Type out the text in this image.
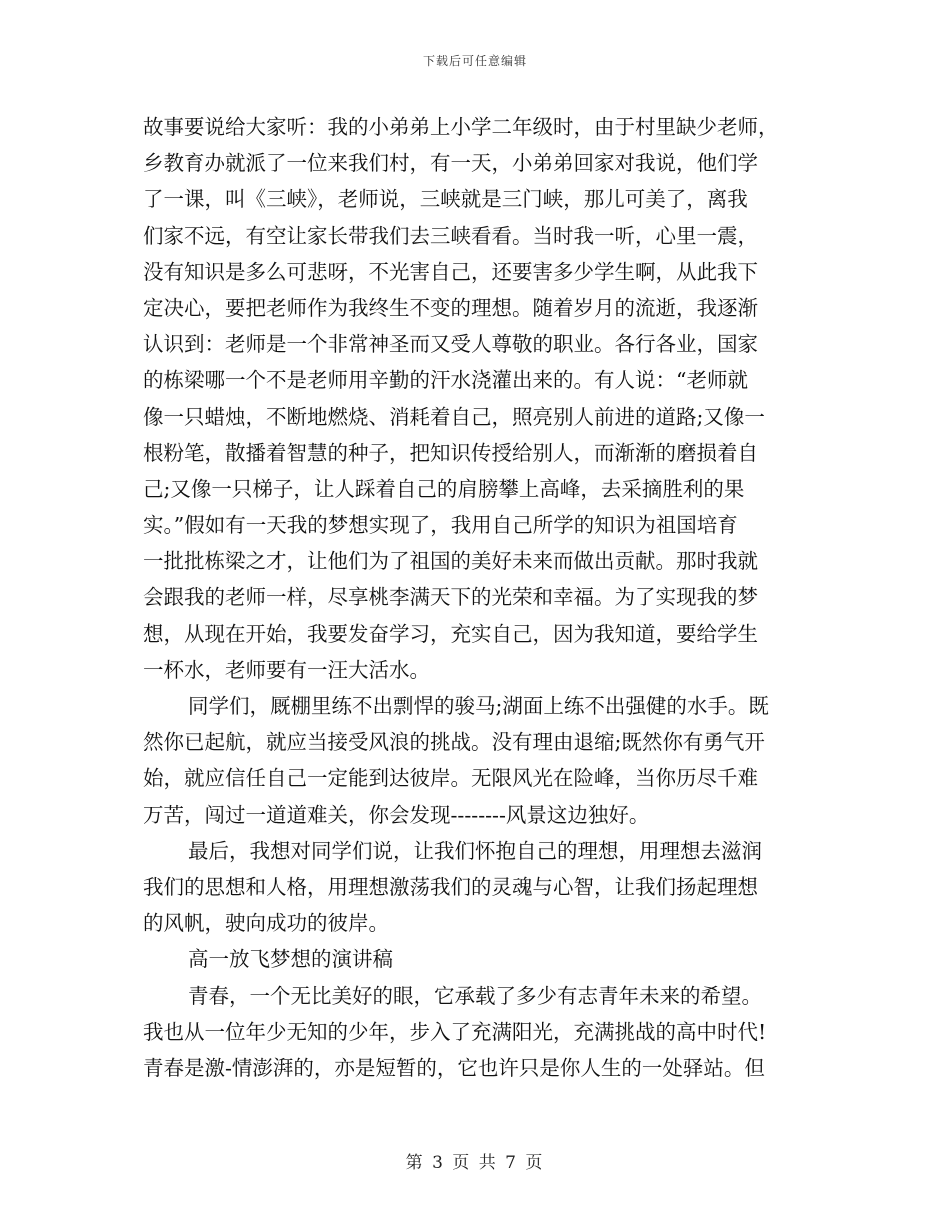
下载后可任意编辑
故事要说给大家听：我的小弟弟上小学二年级时，由于村里缺少老师，
乡教育办就派了一位来我们村，有一天，小弟弟回家对我说，他们学
了一课，叫《三峡》，老师说，三峡就是三门峡，那儿可美了，离我
们家不远，有空让家长带我们去三峡看看。当时我一听，心里一震，
没有知识是多么可悲呀，不光害自己，还要害多少学生啊，从此我下
定决心，要把老师作为我终生不变的理想。随着岁月的流逝，我逐渐
认识到：老师是一个非常神圣而又受人尊敬的职业。各行各业，国家
的栋梁哪一个不是老师用辛勤的汗水浇灌出来的。有人说：“老师就
像一只蜡烛，不断地燃烧、消耗着自己，照亮别人前进的道路;又像一
根粉笔，散播着智慧的种子，把知识传授给别人，而渐渐的磨损着自
己;又像一只梯子，让人踩着自己的肩膀攀上高峰，去采摘胜利的果
实。”假如有一天我的梦想实现了，我用自己所学的知识为祖国培育
一批批栋梁之才，让他们为了祖国的美好未来而做出贡献。那时我就
会跟我的老师一样，尽享桃李满天下的光荣和幸福。为了实现我的梦
想，从现在开始，我要发奋学习，充实自己，因为我知道，要给学生
一杯水，老师要有一汪大活水。
同学们，厩棚里练不出剽悍的骏马;湖面上练不出强健的水手。既
然你已起航，就应当接受风浪的挑战。没有理由退缩;既然你有勇气开
始，就应信任自己一定能到达彼岸。无限风光在险峰，当你历尽千难
万苦，闯过一道道难关，你会发现--------风景这边独好。
最后，我想对同学们说，让我们怀抱自己的理想，用理想去滋润
我们的思想和人格，用理想激荡我们的灵魂与心智，让我们扬起理想
的风帆，驶向成功的彼岸。
高一放飞梦想的演讲稿
青春，一个无比美好的眼，它承载了多少有志青年未来的希望。
我也从一位年少无知的少年，步入了充满阳光，充满挑战的高中时代!
青春是激-情澎湃的，亦是短暂的，它也许只是你人生的一处驿站。但
第 3 页 共 7 页
